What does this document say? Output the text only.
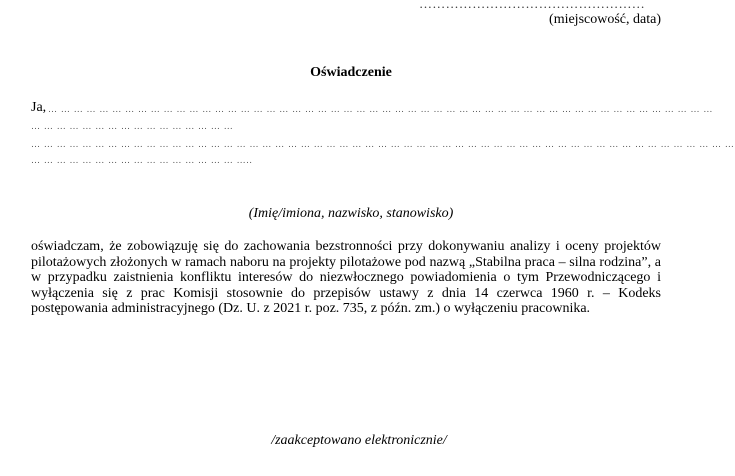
……………………………………………
(miejscowość, data)
Oświadczenie
Ja, … … … … … … … … … … … … … … … … … … … … … … … … … … … … … … … … … … … … … … … … … … … … … … … … … … … …
… … … … … … … … … … … … … … … …
… … … … … … … … … … … … … … … … … … … … … … … … … … … … … … … … … … … … … … … … … … … … … … … … … … … … … … …
… … … … … … … … … … … … … … … … …..
(Imię/imiona, nazwisko, stanowisko)
oświadczam, że zobowiązuję się do zachowania bezstronności przy dokonywaniu analizy i oceny projektów pilotażowych złożonych w ramach naboru na projekty pilotażowe pod nazwą „Stabilna praca – silna rodzina”, a w przypadku zaistnienia konfliktu interesów do niezwłocznego powiadomienia o tym Przewodniczącego i wyłączenia się z prac Komisji stosownie do przepisów ustawy z dnia 14 czerwca 1960 r. – Kodeks postępowania administracyjnego (Dz. U. z 2021 r. poz. 735, z późn. zm.) o wyłączeniu pracownika.
/zaakceptowano elektronicznie/
